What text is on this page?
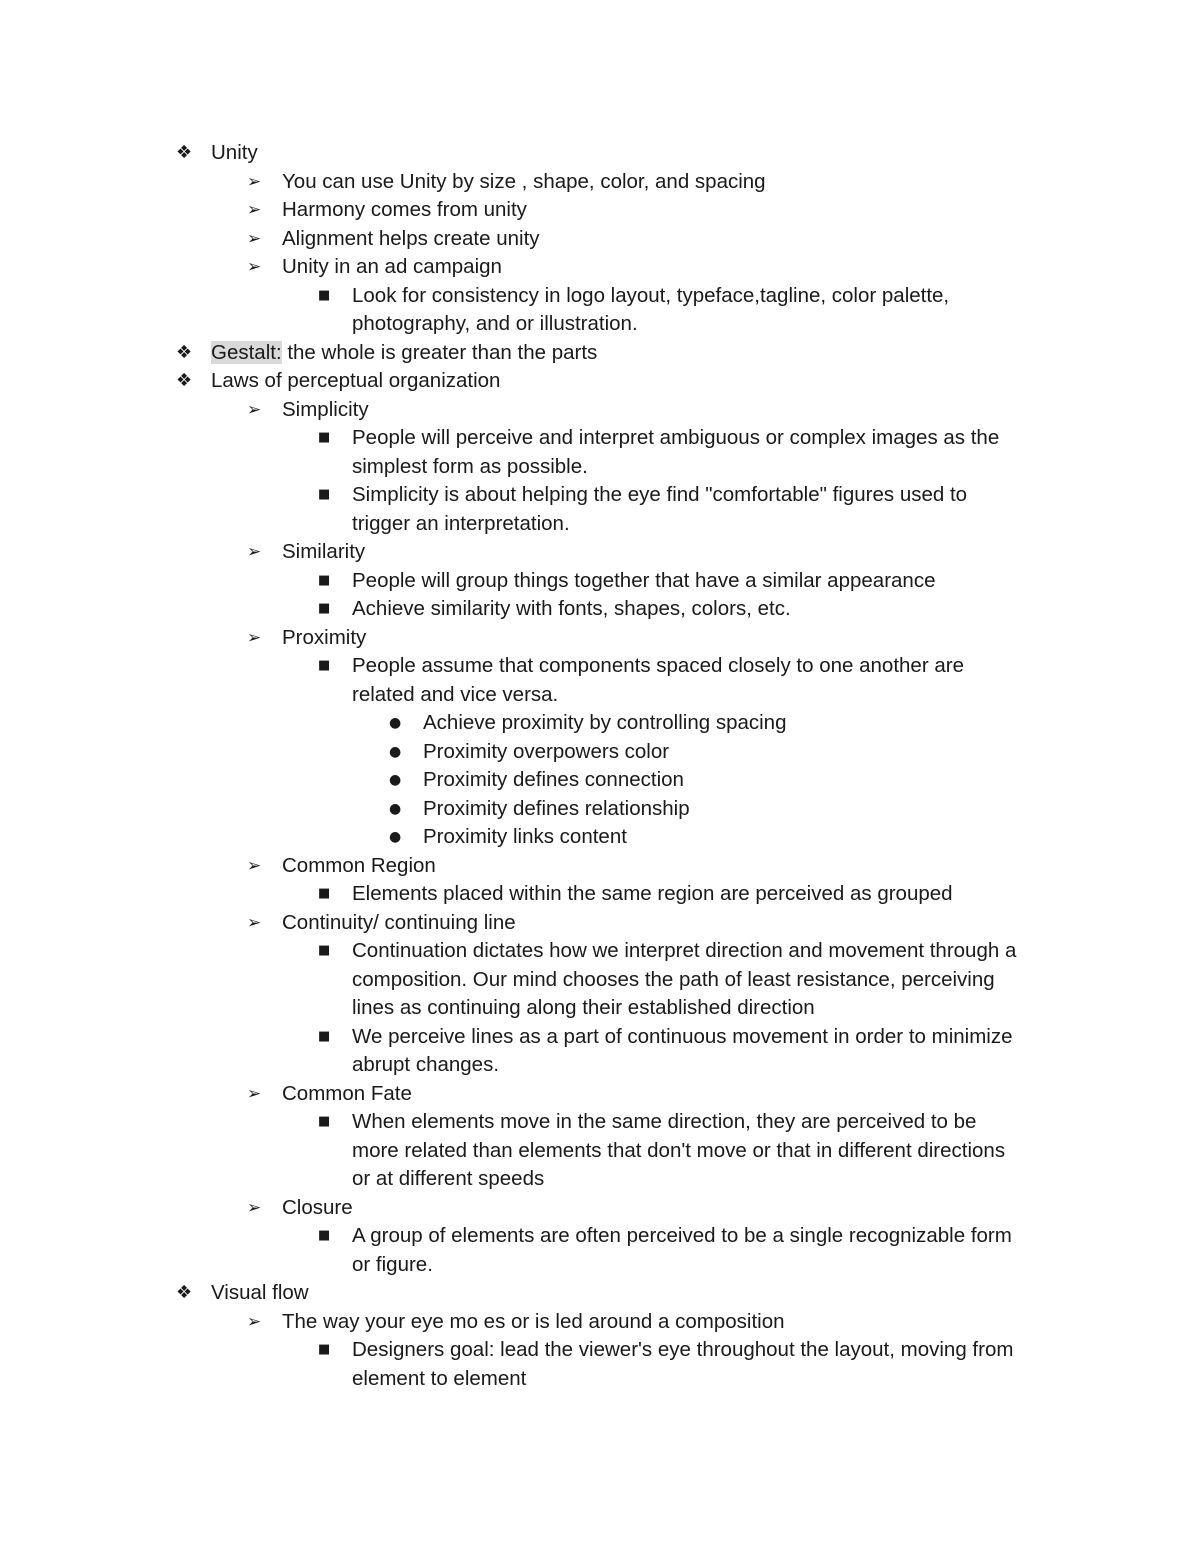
❖ Unity
➢ You can use Unity by size , shape, color, and spacing
➢ Harmony comes from unity
➢ Alignment helps create unity
➢ Unity in an ad campaign
■ Look for consistency in logo layout, typeface,tagline, color palette,
photography, and or illustration.
❖ Gestalt: the whole is greater than the parts
❖ Laws of perceptual organization
➢ Simplicity
■ People will perceive and interpret ambiguous or complex images as the
simplest form as possible.
■ Simplicity is about helping the eye find "comfortable" figures used to
trigger an interpretation.
➢ Similarity
■ People will group things together that have a similar appearance
■ Achieve similarity with fonts, shapes, colors, etc.
➢ Proximity
■ People assume that components spaced closely to one another are
related and vice versa.
● Achieve proximity by controlling spacing
● Proximity overpowers color
● Proximity defines connection
● Proximity defines relationship
● Proximity links content
➢ Common Region
■ Elements placed within the same region are perceived as grouped
➢ Continuity/ continuing line
■ Continuation dictates how we interpret direction and movement through a
composition. Our mind chooses the path of least resistance, perceiving
lines as continuing along their established direction
■ We perceive lines as a part of continuous movement in order to minimize
abrupt changes.
➢ Common Fate
■ When elements move in the same direction, they are perceived to be
more related than elements that don't move or that in different directions
or at different speeds
➢ Closure
■ A group of elements are often perceived to be a single recognizable form
or figure.
❖ Visual flow
➢ The way your eye mo es or is led around a composition
■ Designers goal: lead the viewer's eye throughout the layout, moving from
element to element
